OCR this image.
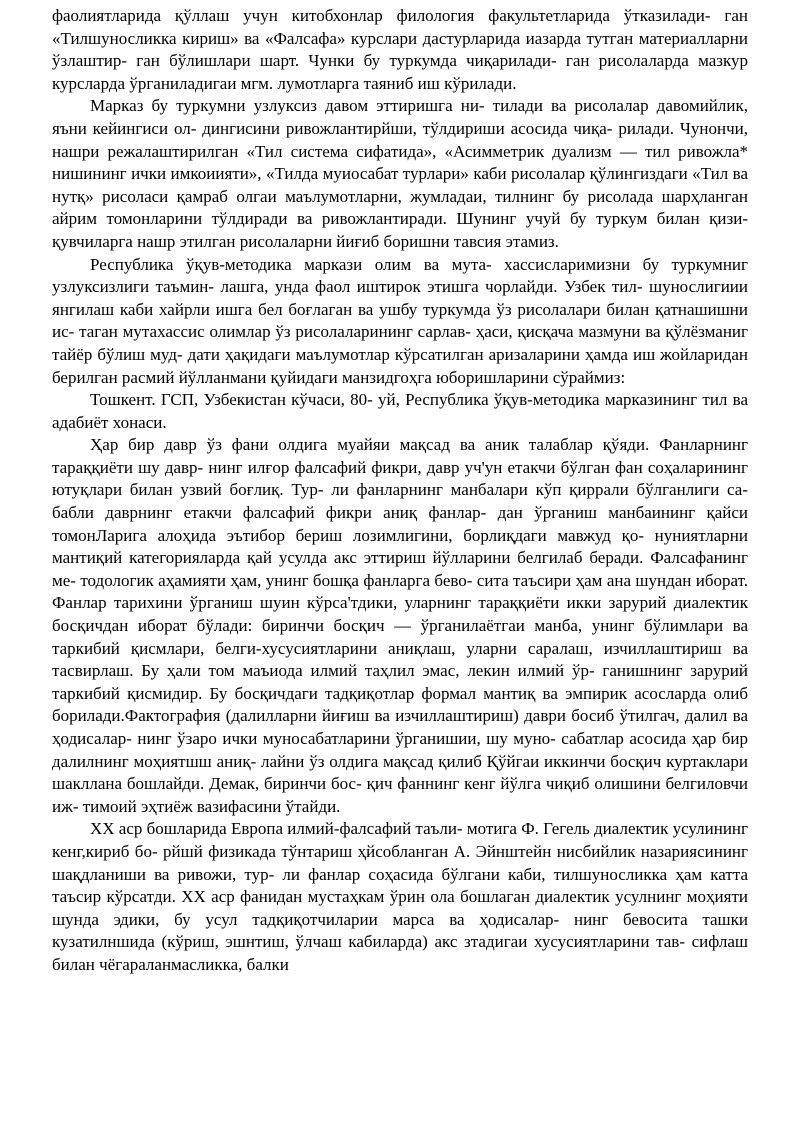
фаолиятларида қўллаш учун китобхонлар филология факультетларида ўтказилади- ган «Тилшуносликка кириш» ва «Фалсафа» курслари дастурларида иазарда тутган материалларни ўзлаштир- ган бўлишлари шарт. Чунки бу туркумда чиқарилади- ган рисолаларда мазкур курсларда ўрганиладигаи мгм. лумотларга таяниб иш кўрилади.

Марказ бу туркумни узлуксиз давом эттиришга ни- тилади ва рисолалар давомийлик, яъни кейингиси ол- дингисини ривожлантирйши, тўлдириши асосида чиқа- рилади. Чунончи, нашри режалаштирилган «Тил система сифатида», «Асимметрик дуализм — тил ривожла* нишининг ички имкоиияти», «Тилда муиосабат турлари» каби рисолалар қўлингиздаги «Тил ва нутқ» рисоласи қамраб олгаи маълумотларни, жумладаи, тилнинг бу рисолада шарҳланган айрим томонларини тўлдиради ва ривожлантиради. Шунинг учуй бу туркум билан қизи- қувчиларга нашр этилган рисолаларни йиғиб боришни тавсия этамиз.

Республика ўқув-методика маркази олим ва мута- хассисларимизни бу туркумниг узлуксизлиги таъмин- лашга, унда фаол иштирок этишга чорлайди. Узбек тил- шунослигиии янгилаш каби хайрли ишга бел боғлаган ва ушбу туркумда ўз рисолалари билан қатнашишни ис- таган мутахассис олимлар ўз рисолаларининг сарлав- ҳаси, қисқача мазмуни ва қўлёзманиг тайёр бўлиш муд- дати ҳақидаги маълумотлар кўрсатилган аризаларини ҳамда иш жойларидан берилган расмий йўлланмани қуйидаги манзидгоҳга юборишларини сўраймиз:

Тошкент. ГСП, Узбекистан кўчаси, 80- уй, Республика ўқув-методика марказининг тил ва адабиёт хонаси.

Ҳар бир давр ўз фани олдига муайяи мақсад ва аник талаблар қўяди. Фанларнинг тараққиёти шу давр- нинг илғор фалсафий фикри, давр уч'ун етакчи бўлган фан соҳаларининг ютуқлари билан узвий боғлиқ. Тур- ли фанларнинг манбалари кўп қиррали бўлганлиги са- бабли даврнинг етакчи фалсафий фикри аниқ фанлар- дан ўрганиш манбаининг қайси томонЛарига алоҳида эътибор бериш лозимлигини, борлиқдаги мавжуд қо- нуниятларни мантиқий категорияларда қай усулда акс эттириш йўлларини белгилаб беради. Фалсафанинг ме- тодологик аҳамияти ҳам, унинг бошқа фанларга бево- сита таъсири ҳам ана шундан иборат. Фанлар тарихини ўрганиш шуин кўрса'тдики, уларнинг тараққиёти икки зарурий диалектик босқичдан иборат бўлади: биринчи босқич — ўрганилаётгаи манба, унинг бўлимлари ва таркибий қисмлари, белги-хусусиятларини аниқлаш, уларни саралаш, изчиллаштириш ва тасвирлаш. Бу ҳали том маъиода илмий таҳлил эмас, лекин илмий ўр- ганишнинг зарурий таркибий қисмидир. Бу босқичдаги тадқиқотлар формал мантиқ ва эмпирик асосларда олиб борилади.Фактография (далилларни йиғиш ва изчиллаштириш) даври босиб ўтилгач, далил ва ҳодисалар- нинг ўзаро ички муносабатларини ўрганишии, шу муно- сабатлар асосида ҳар бир далилнинг моҳиятшш аниқ- лайни ўз олдига мақсад қилиб Қўйгаи иккинчи босқич куртаклари шакллана бошлайди. Демак, биринчи бос- қич фаннинг кенг йўлга чиқиб олишини белгиловчи иж- тимоий эҳтиёж вазифасини ўтайди.

XX аср бошларида Европа илмий-фалсафий таъли- мотига Ф. Гегель диалектик усулининг кенг,кириб бо- рйшй физикада тўнтариш ҳйсобланган А. Эйнштейн нисбийлик назариясининг шақдланиши ва ривожи, тур- ли фанлар соҳасида бўлгани каби, тилшуносликка ҳам катта таъсир кўрсатди. XX аср фанидан мустаҳкам ўрин ола бошлаган диалектик усулнинг моҳияти шунда эдики, бу усул тадқиқотчиларии марса ва ҳодисалар- нинг бевосита ташки кузатилншида (кўриш, эшнтиш, ўлчаш кабиларда) акс зтадигаи хусусиятларини тав- сифлаш билан чёгараланмасликка, балки
